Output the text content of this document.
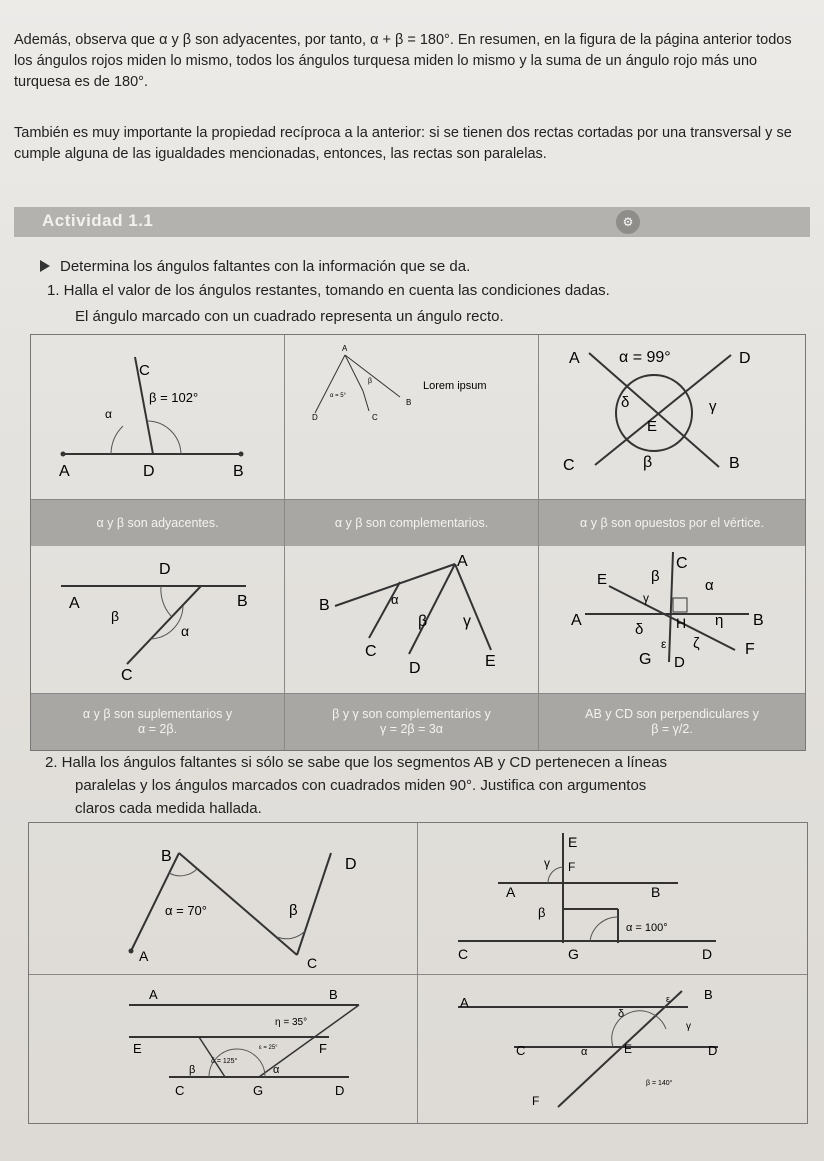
Además, observa que α y β son adyacentes, por tanto, α + β = 180°. En resumen, en la figura de la página anterior todos los ángulos rojos miden lo mismo, todos los ángulos turquesa miden lo mismo y la suma de un ángulo rojo más uno turquesa es de 180°.

También es muy importante la propiedad recíproca a la anterior: si se tienen dos rectas cortadas por una transversal y se cumple alguna de las igualdades mencionadas, entonces, las rectas son paralelas.

Actividad 1.1	⚙

Determina los ángulos faltantes con la información que se da.

1. Halla el valor de los ángulos restantes, tomando en cuenta las condiciones dadas.

El ángulo marcado con un cuadrado representa un ángulo recto.

C
β = 102°
α
A	D	B
A
B
C
D
β
α = 5°
Lorem ipsum
A α = 99°	D
δ
E
γ
C	β	B
α y β son adyacentes.	α y β son complementarios.	α y β son opuestos por el vértice.
D
A	B
β
α
C
A
B	α
β γ
C
D	E
C
E	β
α
γ
A	H η B
δ
ε ζ	F
G D
α y β son suplementarios y
α = 2β.
β y γ son complementarios y
γ = 2β = 3α
AB y CD son perpendiculares y
β = γ/2.

2. Halla los ángulos faltantes si sólo se sabe que los segmentos AB y CD pertenecen a líneas

paralelas y los ángulos marcados con cuadrados miden 90°. Justifica con argumentos

claros cada medida hallada.

B	D
α = 70°	β
A	C
E
γ F
A	B
β
α = 100°
C	G	D
A	B
η = 35°
E	ε = 25°	F
δ = 125°
β	α
C	G	D
A
B
δ
ε
γ
C	α	E	D
β = 140°
F
